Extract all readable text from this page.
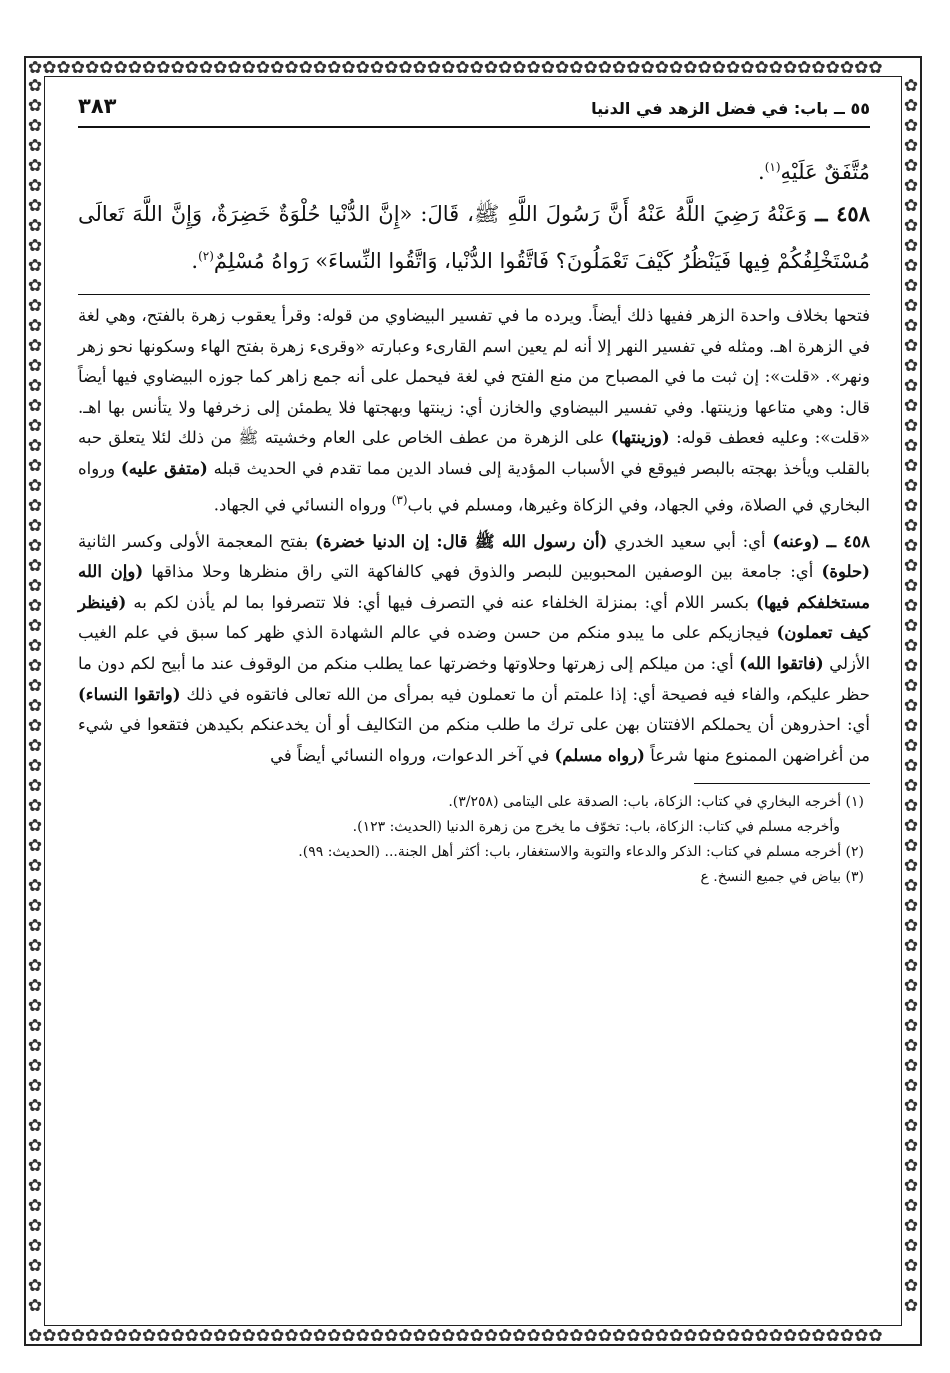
✿✿✿✿✿✿✿✿✿✿✿✿✿✿✿✿✿✿✿✿✿✿✿✿✿✿✿✿✿✿✿✿✿✿✿✿✿✿✿✿✿✿✿✿✿✿✿✿✿✿✿✿✿✿✿✿✿✿✿✿
✿✿✿✿✿✿✿✿✿✿✿✿✿✿✿✿✿✿✿✿✿✿✿✿✿✿✿✿✿✿✿✿✿✿✿✿✿✿✿✿✿✿✿✿✿✿✿✿✿✿✿✿✿✿✿✿✿✿✿✿
✿✿✿✿✿✿✿✿✿✿✿✿✿✿✿✿✿✿✿✿✿✿✿✿✿✿✿✿✿✿✿✿✿✿✿✿✿✿✿✿✿✿✿✿✿✿✿✿✿✿✿✿✿✿✿✿✿✿✿✿✿✿
✿✿✿✿✿✿✿✿✿✿✿✿✿✿✿✿✿✿✿✿✿✿✿✿✿✿✿✿✿✿✿✿✿✿✿✿✿✿✿✿✿✿✿✿✿✿✿✿✿✿✿✿✿✿✿✿✿✿✿✿✿✿
٥٥ ــ باب: في فضل الزهد في الدنيا
٣٨٣

مُتَّفَقٌ عَلَيْهِ$^{(١)}$.

٤٥٨ ــ وَعَنْهُ رَضِيَ اللَّهُ عَنْهُ أَنَّ رَسُولَ اللَّهِ ﷺ، قَالَ: «إِنَّ الدُّنْيا حُلْوَةٌ خَضِرَةٌ، وَإِنَّ اللَّهَ تَعالَى مُسْتَخْلِفُكُمْ فِيها فَيَنْظُرُ كَيْفَ تَعْمَلُونَ؟ فَاتَّقُوا الدُّنْيا، وَاتَّقُوا النِّساءَ» رَواهُ مُسْلِمٌ$^{(٢)}$.

فتحها بخلاف واحدة الزهر ففيها ذلك أيضاً. ويرده ما في تفسير البيضاوي من قوله: وقرأ يعقوب زهرة بالفتح، وهي لغة في الزهرة اهـ. ومثله في تفسير النهر إلا أنه لم يعين اسم القارىء وعبارته «وقرىء زهرة بفتح الهاء وسكونها نحو زهر ونهر». «قلت»: إن ثبت ما في المصباح من منع الفتح في لغة فيحمل على أنه جمع زاهر كما جوزه البيضاوي فيها أيضاً قال: وهي متاعها وزينتها. وفي تفسير البيضاوي والخازن أي: زينتها وبهجتها فلا يطمئن إلى زخرفها ولا يتأنس بها اهـ. «قلت»: وعليه فعطف قوله: (وزينتها) على الزهرة من عطف الخاص على العام وخشيته ﷺ من ذلك لئلا يتعلق حبه بالقلب ويأخذ بهجته بالبصر فيوقع في الأسباب المؤدية إلى فساد الدين مما تقدم في الحديث قبله (متفق عليه) ورواه البخاري في الصلاة، وفي الجهاد، وفي الزكاة وغيرها، ومسلم في باب$^{(٣)}$ ورواه النسائي في الجهاد.

٤٥٨ ــ (وعنه) أي: أبي سعيد الخدري (أن رسول الله ﷺ قال: إن الدنيا خضرة) بفتح المعجمة الأولى وكسر الثانية (حلوة) أي: جامعة بين الوصفين المحبوبين للبصر والذوق فهي كالفاكهة التي راق منظرها وحلا مذاقها (وإن الله مستخلفكم فيها) بكسر اللام أي: بمنزلة الخلفاء عنه في التصرف فيها أي: فلا تتصرفوا بما لم يأذن لكم به (فينظر كيف تعملون) فيجازيكم على ما يبدو منكم من حسن وضده في عالم الشهادة الذي ظهر كما سبق في علم الغيب الأزلي (فاتقوا الله) أي: من ميلكم إلى زهرتها وحلاوتها وخضرتها عما يطلب منكم من الوقوف عند ما أبيح لكم دون ما حظر عليكم، والفاء فيه فصيحة أي: إذا علمتم أن ما تعملون فيه بمرأى من الله تعالى فاتقوه في ذلك (واتقوا النساء) أي: احذروهن أن يحملكم الافتتان بهن على ترك ما طلب منكم من التكاليف أو أن يخدعنكم بكيدهن فتقعوا في شيء من أغراضهن الممنوع منها شرعاً (رواه مسلم) في آخر الدعوات، ورواه النسائي أيضاً في

(١) أخرجه البخاري في كتاب: الزكاة، باب: الصدقة على اليتامى (٣/٢٥٨).

وأخرجه مسلم في كتاب: الزكاة، باب: تخوّف ما يخرج من زهرة الدنيا (الحديث: ١٢٣).

(٢) أخرجه مسلم في كتاب: الذكر والدعاء والتوبة والاستغفار، باب: أكثر أهل الجنة... (الحديث: ٩٩).

(٣) بياض في جميع النسخ. ع
